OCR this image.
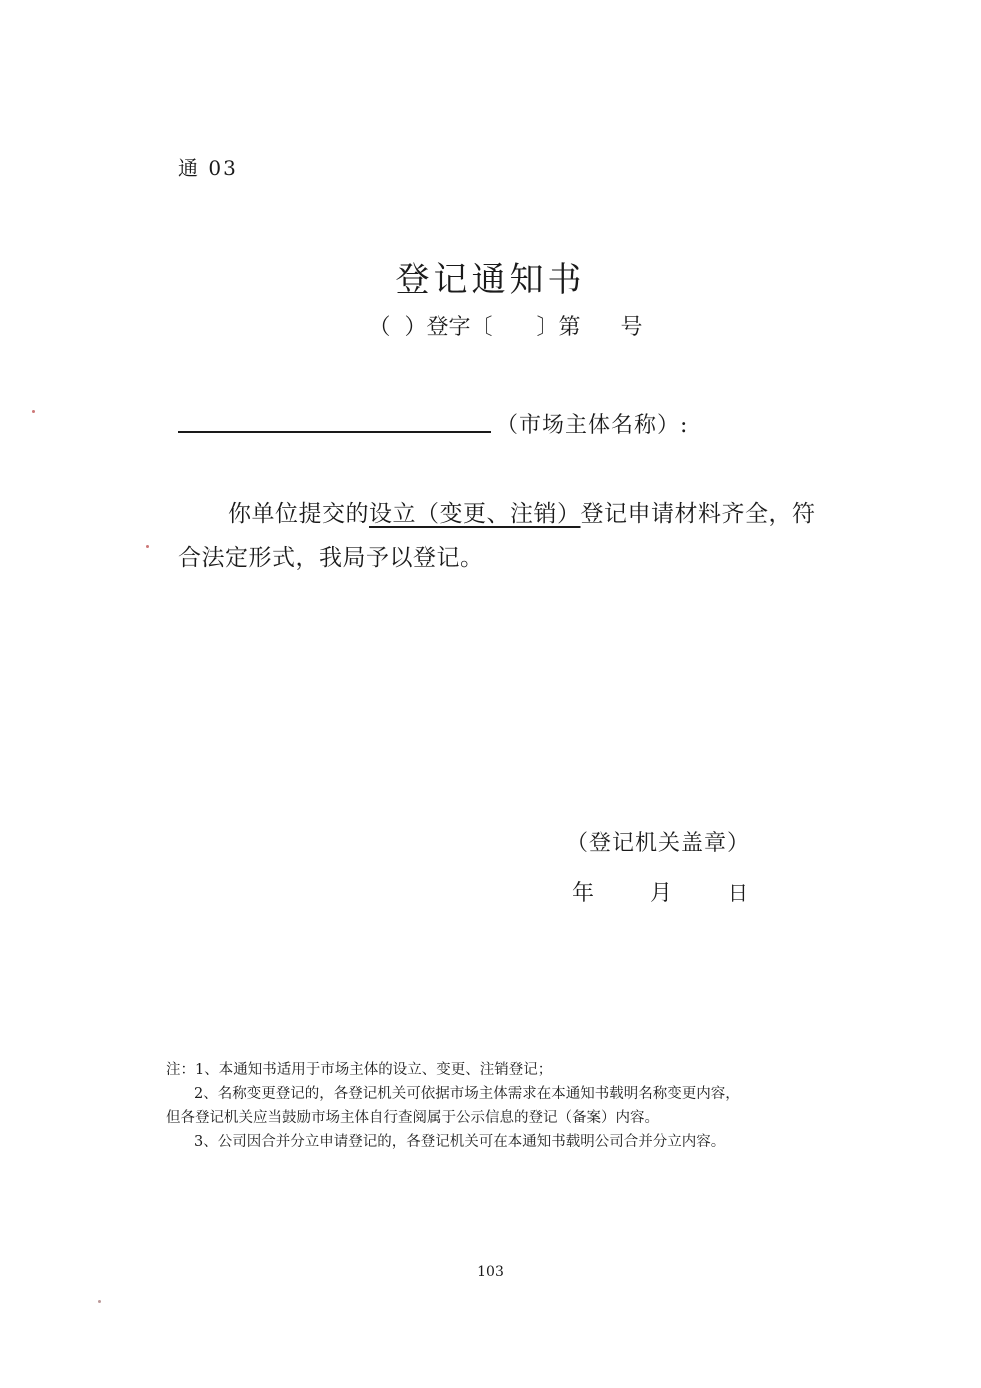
通 03
登记通知书
（ ）登字〔 〕第 号
（市场主体名称）:
你单位提交的设立（变更、注销）登记申请材料齐全，符合法定形式，我局予以登记。
（登记机关盖章）
年	月	日
注：1、本通知书适用于市场主体的设立、变更、注销登记；
2、名称变更登记的，各登记机关可依据市场主体需求在本通知书载明名称变更内容，
但各登记机关应当鼓励市场主体自行查阅属于公示信息的登记（备案）内容。
3、公司因合并分立申请登记的，各登记机关可在本通知书载明公司合并分立内容。
103
